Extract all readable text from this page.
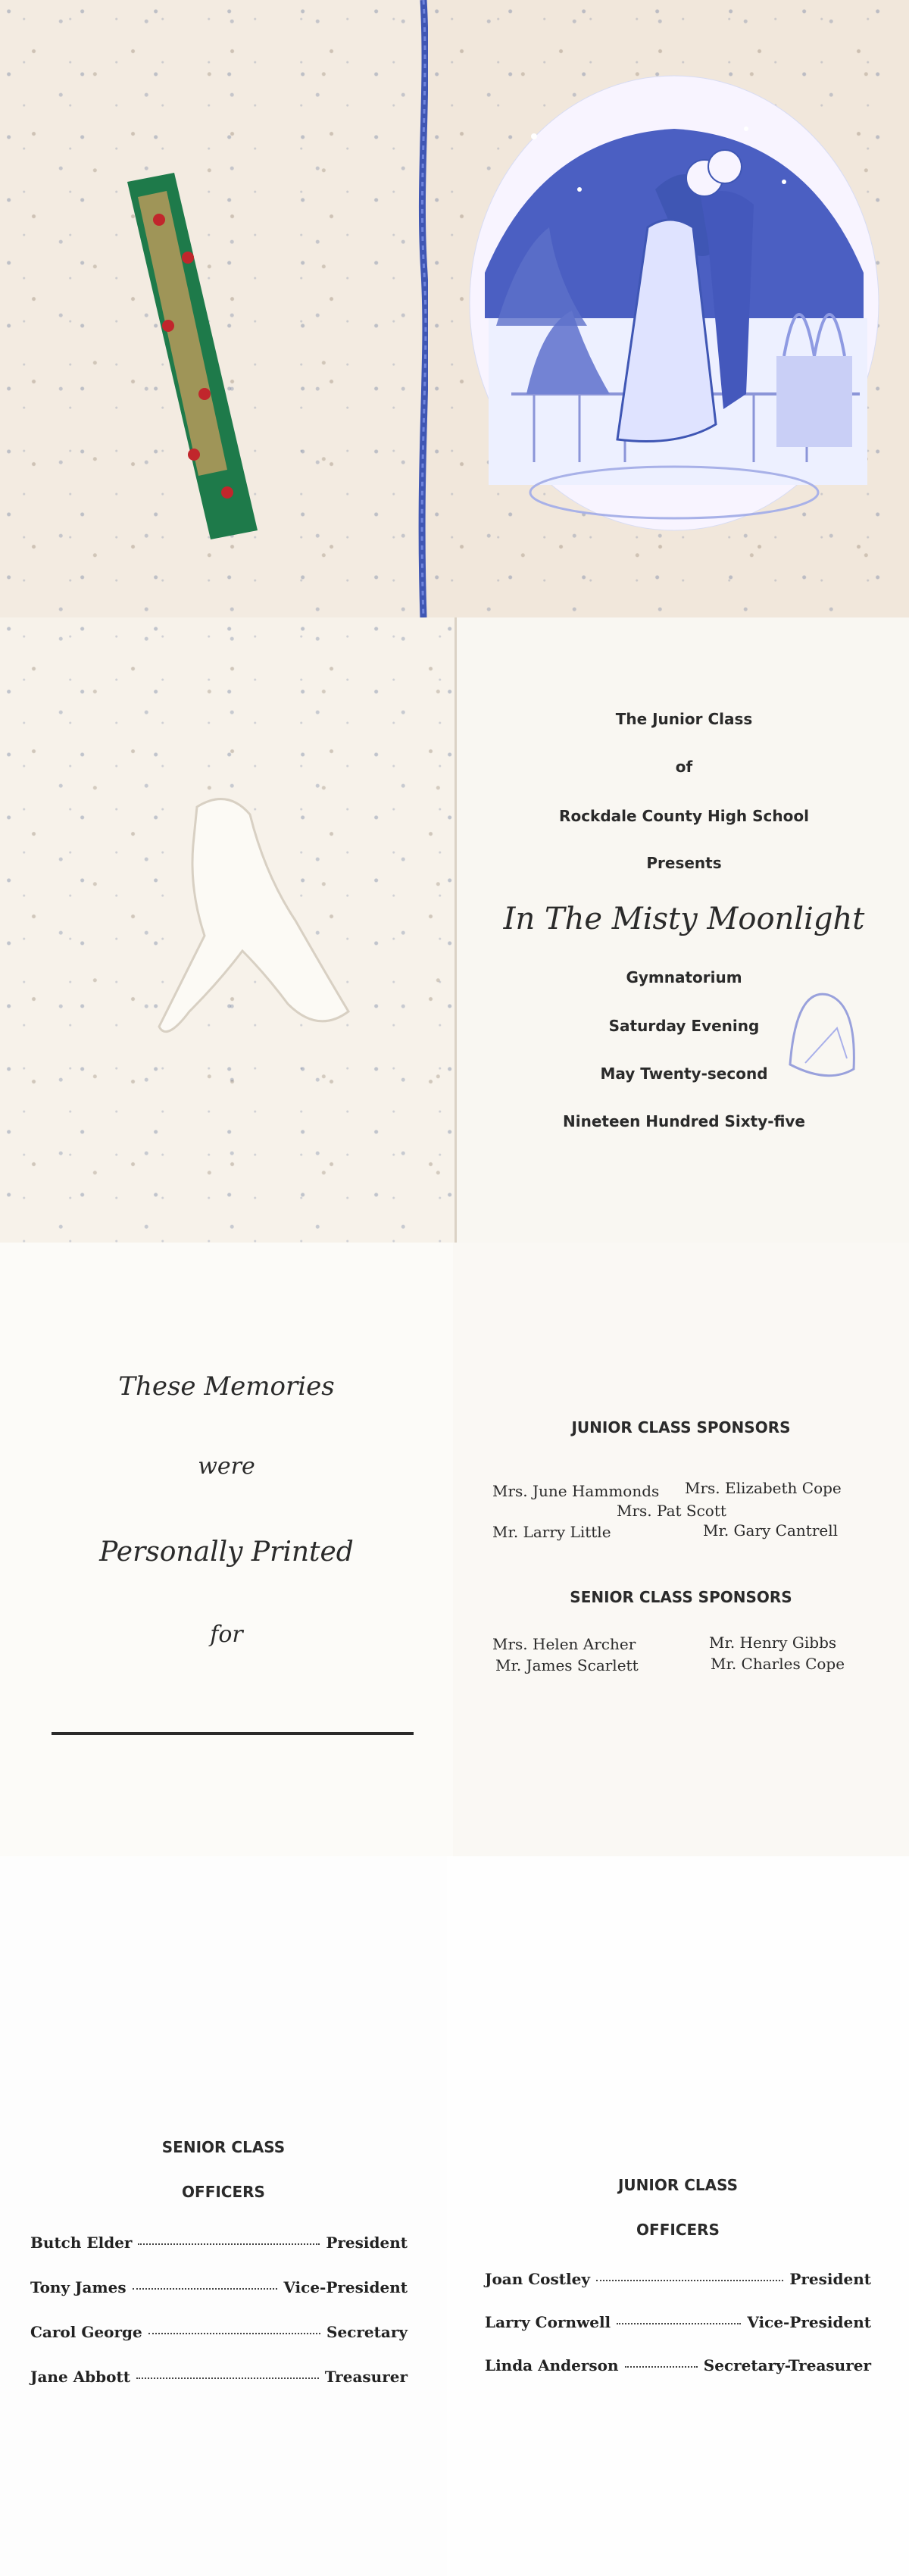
The Junior Class
of
Rockdale County High School
Presents
In The Misty Moonlight
Gymnatorium
Saturday Evening
May Twenty-second
Nineteen Hundred Sixty-five
These Memories
were
Personally Printed
for
JUNIOR CLASS SPONSORS
Mrs. June Hammonds Mrs. Elizabeth Cope
Mrs. Pat Scott
Mr. Larry Little	Mr. Gary Cantrell
SENIOR CLASS SPONSORS
Mrs. Helen Archer	Mr. Henry Gibbs
Mr. James Scarlett	Mr. Charles Cope
SENIOR CLASS
OFFICERS
Butch Elder	President
Tony James	Vice-President
Carol George	Secretary
Jane Abbott	Treasurer
JUNIOR CLASS
OFFICERS
Joan Costley	President
Larry Cornwell	Vice-President
Linda Anderson	Secretary-Treasurer
